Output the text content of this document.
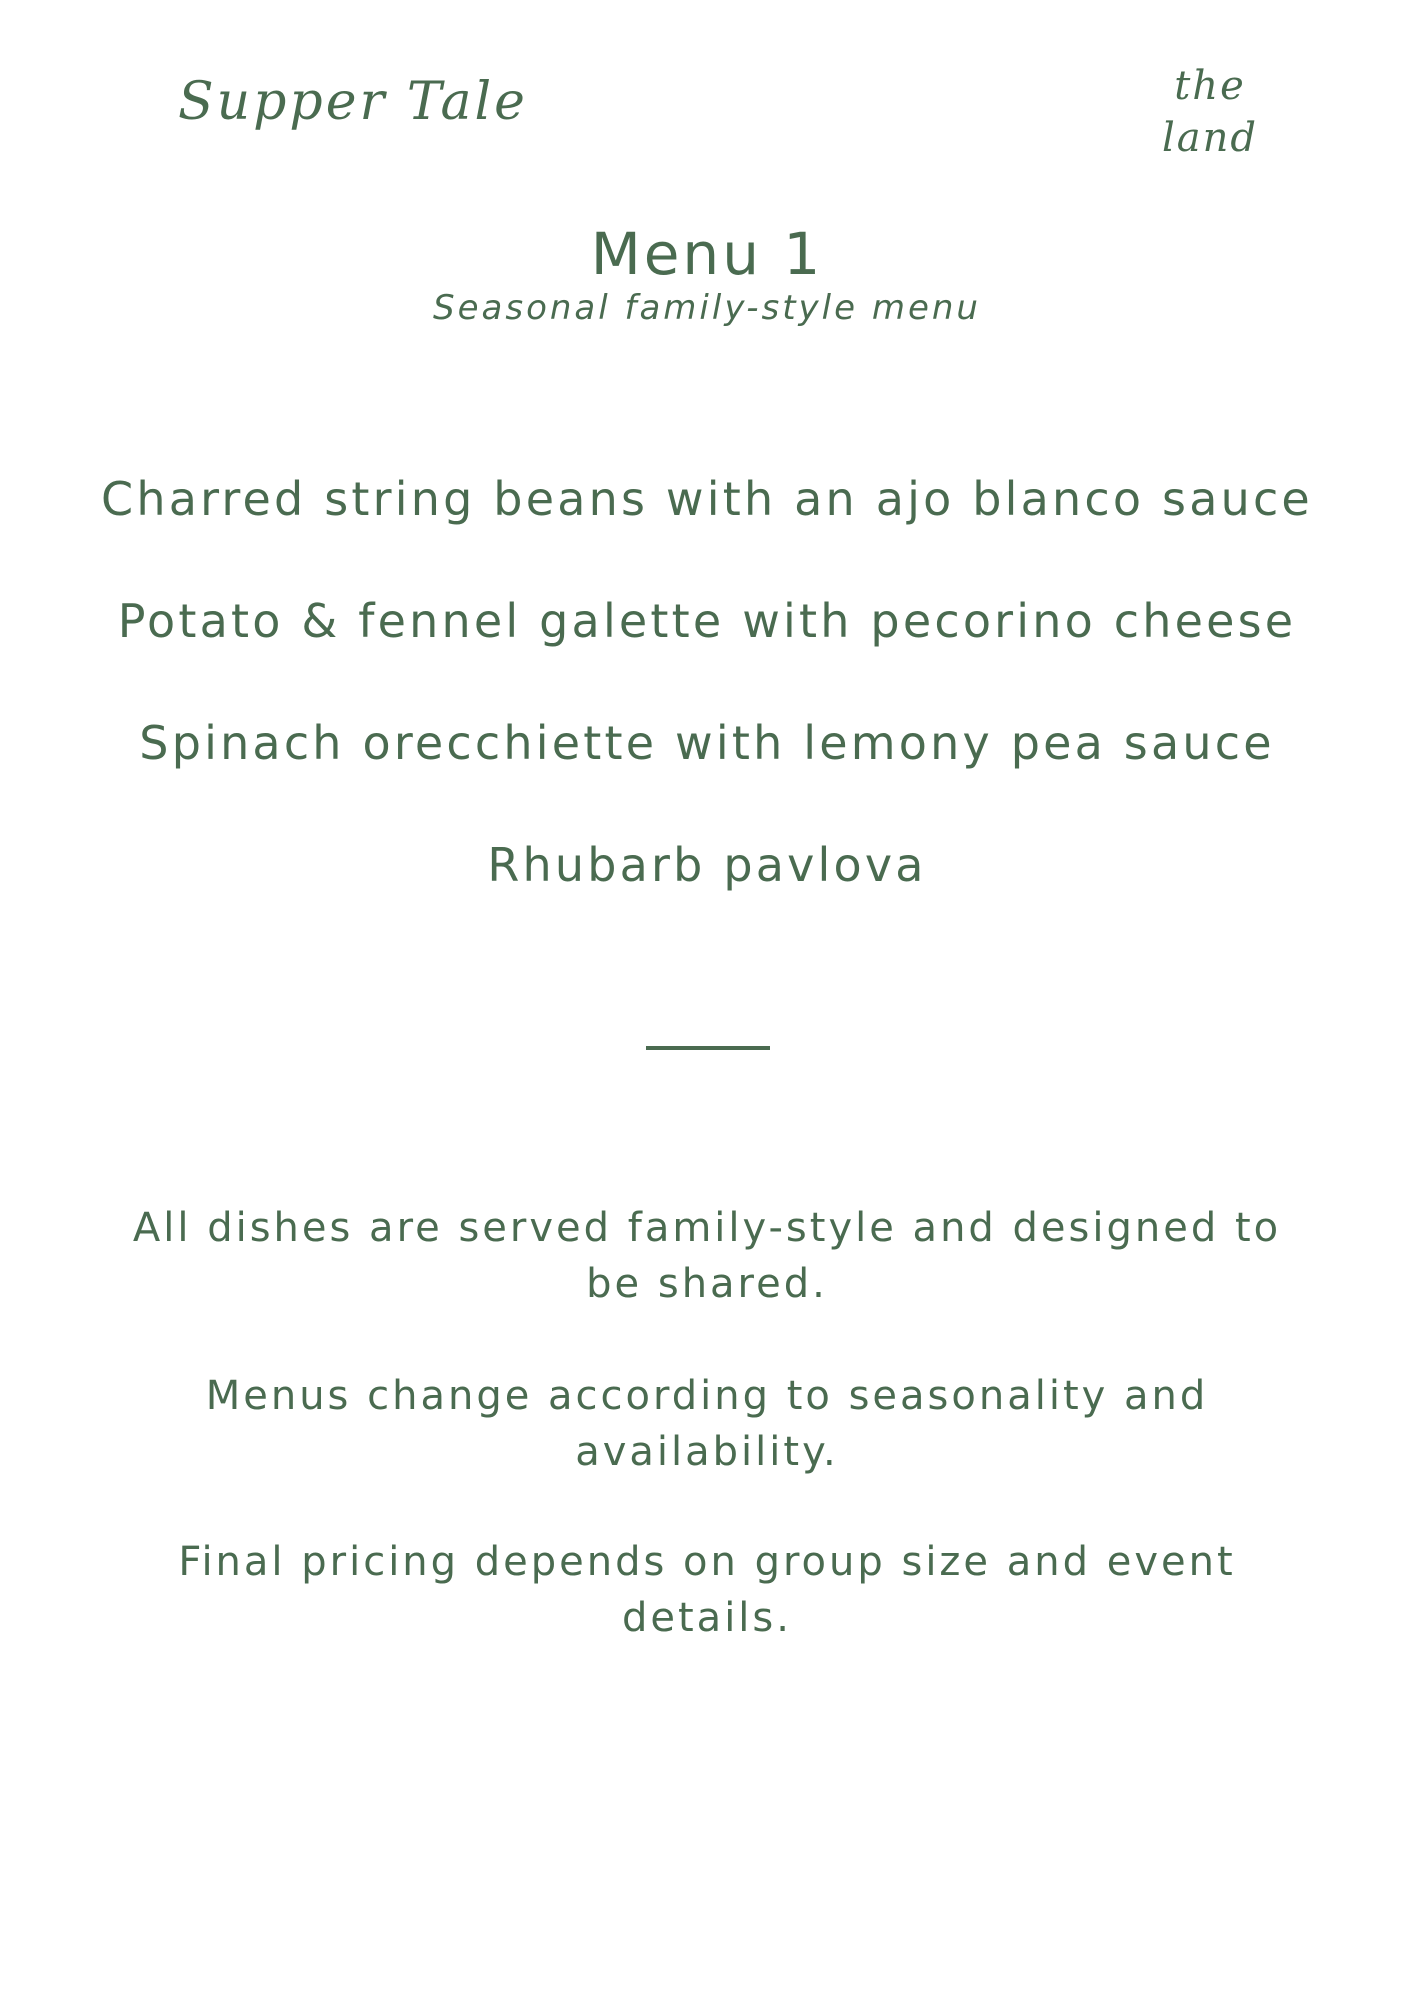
Supper Tale	the
land
Menu 1
Seasonal family-style menu
Charred string beans with an ajo blanco sauce
Potato & fennel galette with pecorino cheese
Spinach orecchiette with lemony pea sauce
Rhubarb pavlova
All dishes are served family-style and designed to be shared.
Menus change according to seasonality and availability.
Final pricing depends on group size and event details.
